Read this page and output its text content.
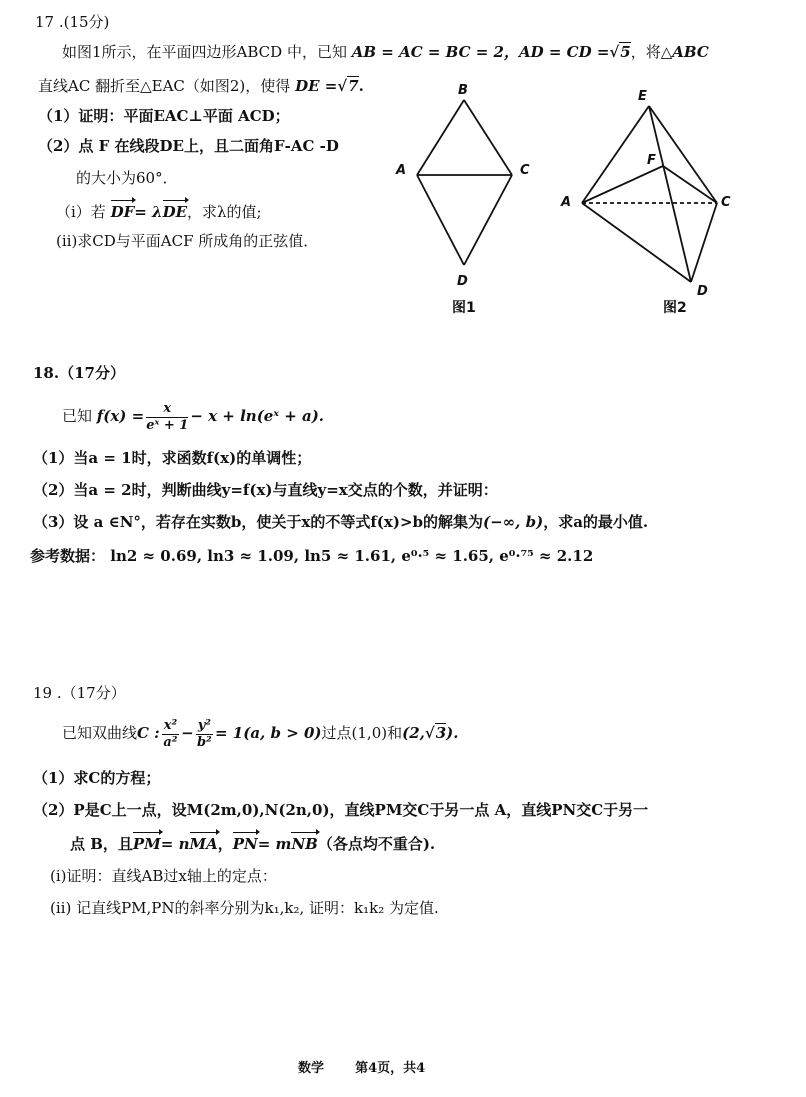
17 .(15分)
如图1所示，在平面四边形ABCD 中，已知 AB = AC = BC = 2，AD = CD =√5，将△ABC
直线AC 翻折至△EAC（如图2)，使得 DE =√7.
（1）证明：平面EAC⊥平面 ACD；
（2）点 F 在线段DE上，且二面角F‑AC ‑D
的大小为60°．
（ⅰ）若 DF= λDE，求λ的值;
(ⅱ)求CD与平面ACF 所成角的正弦值．
B
A	C
D
图1
E
F
A	C
D
图2
18.（17分）
已知 $f(x) = \frac{x}{\text{eˣ + 1}} - x$ + ln(eˣ + a).
（1）当a = 1时，求函数f(x)的单调性；
（2）当a = 2时，判断曲线y=f(x)与直线y=x交点的个数，并证明：
（3）设 a ∈N°，若存在实数b，使关于x的不等式f(x)>b的解集为(−∞, b)，求a的最小值.
参考数据： ln2 ≈ 0.69, ln3 ≈ 1.09, ln5 ≈ 1.61, e⁰·⁵ ≈ 1.65, e⁰·⁷⁵ ≈ 2.12
19 .（17分）
已知双曲线C : $\frac{\text{x²}}{\text{a²}} - \frac{\text{y²}}{\text{b²}} = 1(a$, b > 0)过点(1,0)和(2,√3).
（1）求C的方程；
（2）P是C上一点，设M(2m,0),N(2n,0)，直线PM交C于另一点 A，直线PN交C于另一
点 B，且PM= nMA，PN= mNB（各点均不重合).
(ⅰ)证明：直线AB过x轴上的定点：
(ⅱ) 记直线PM,PN的斜率分别为k₁,k₂, 证明：k₁k₂ 为定值.
数学 第4页，共4
